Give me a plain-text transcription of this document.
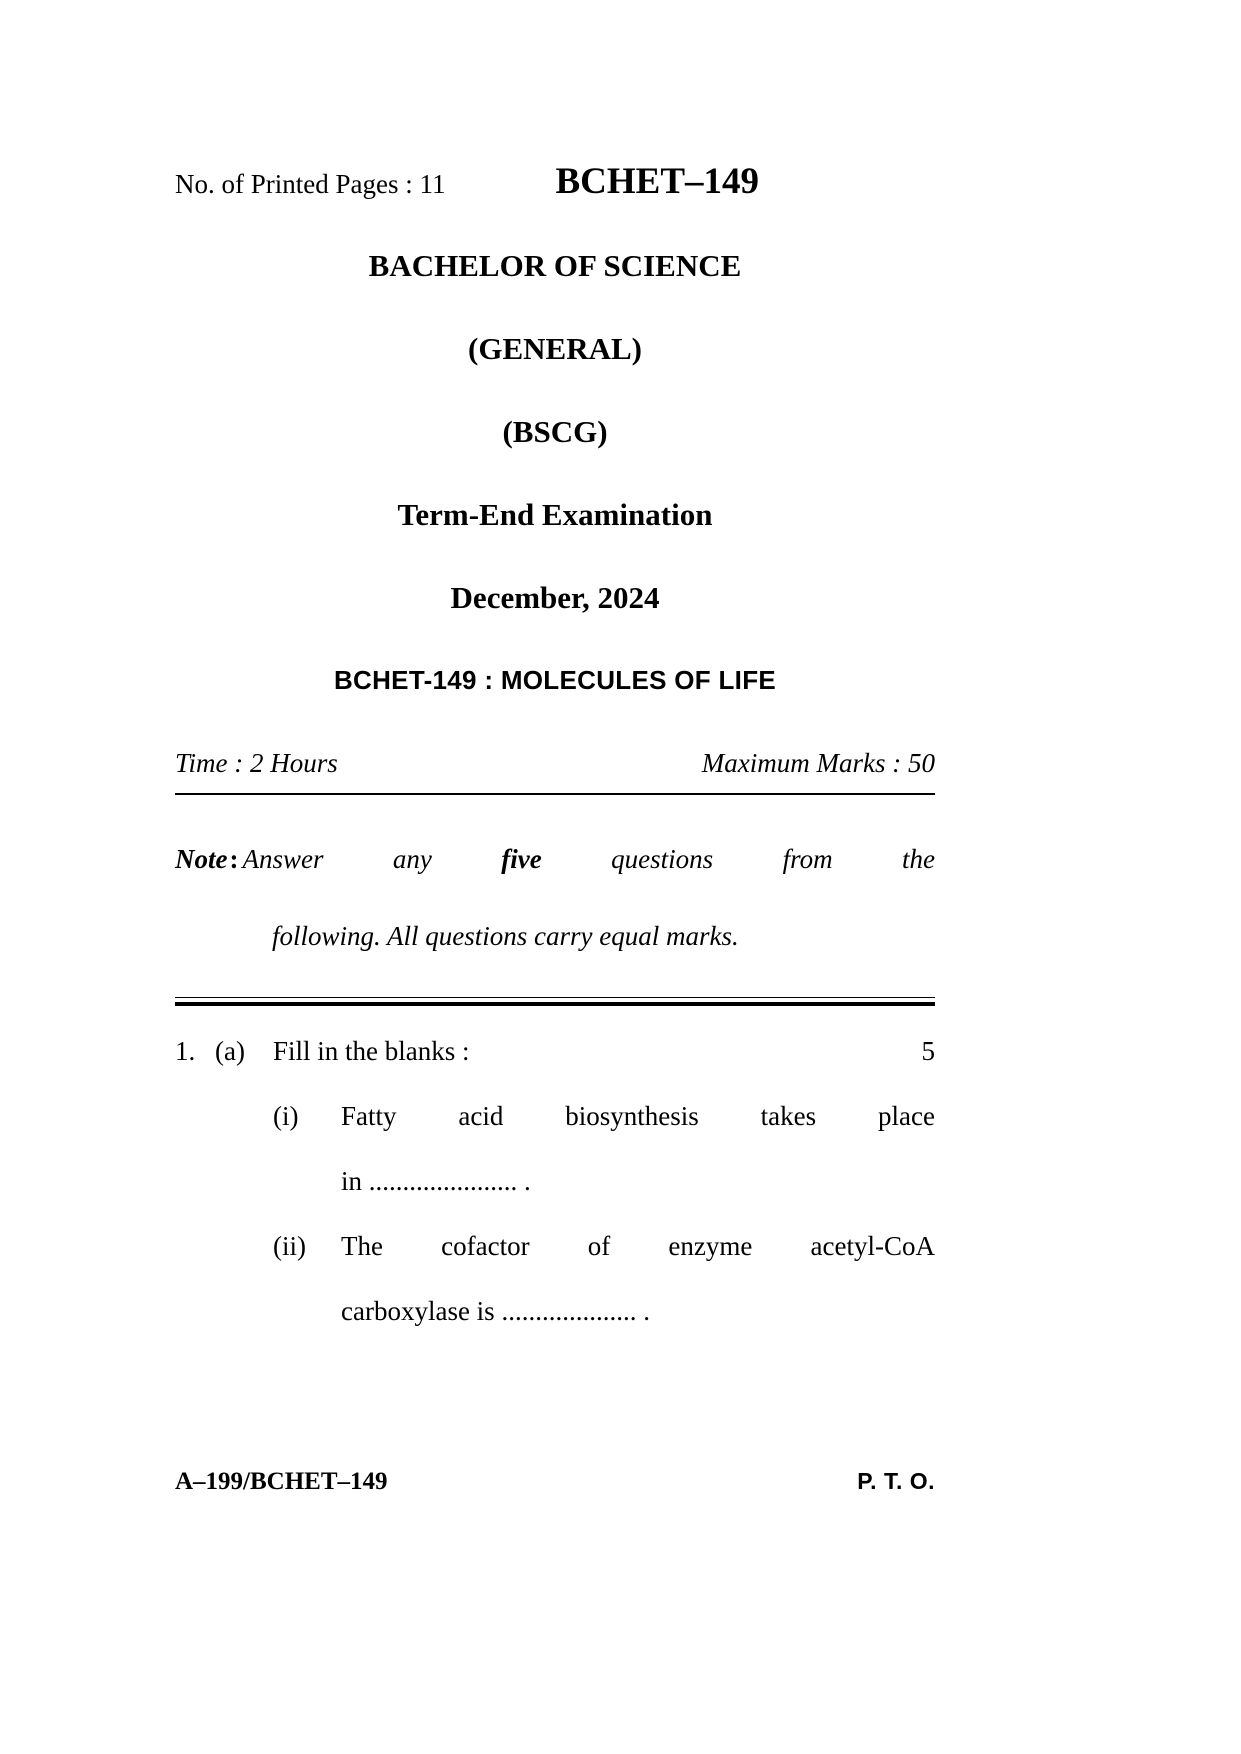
No. of Printed Pages : 11	BCHET–149
BACHELOR OF SCIENCE
(GENERAL)
(BSCG)
Term-End Examination
December, 2024
BCHET-149 : MOLECULES OF LIFE
Time : 2 Hours	Maximum Marks : 50
Note : Answer	any	five	questions	from	the
following. All questions carry equal marks.
1. (a)	Fill in the blanks :	5
(i)	Fatty acid biosynthesis takes place
in ...................... .
(ii)	The cofactor of enzyme acetyl-CoA
carboxylase is .................... .
A–199/BCHET–149	P. T. O.
